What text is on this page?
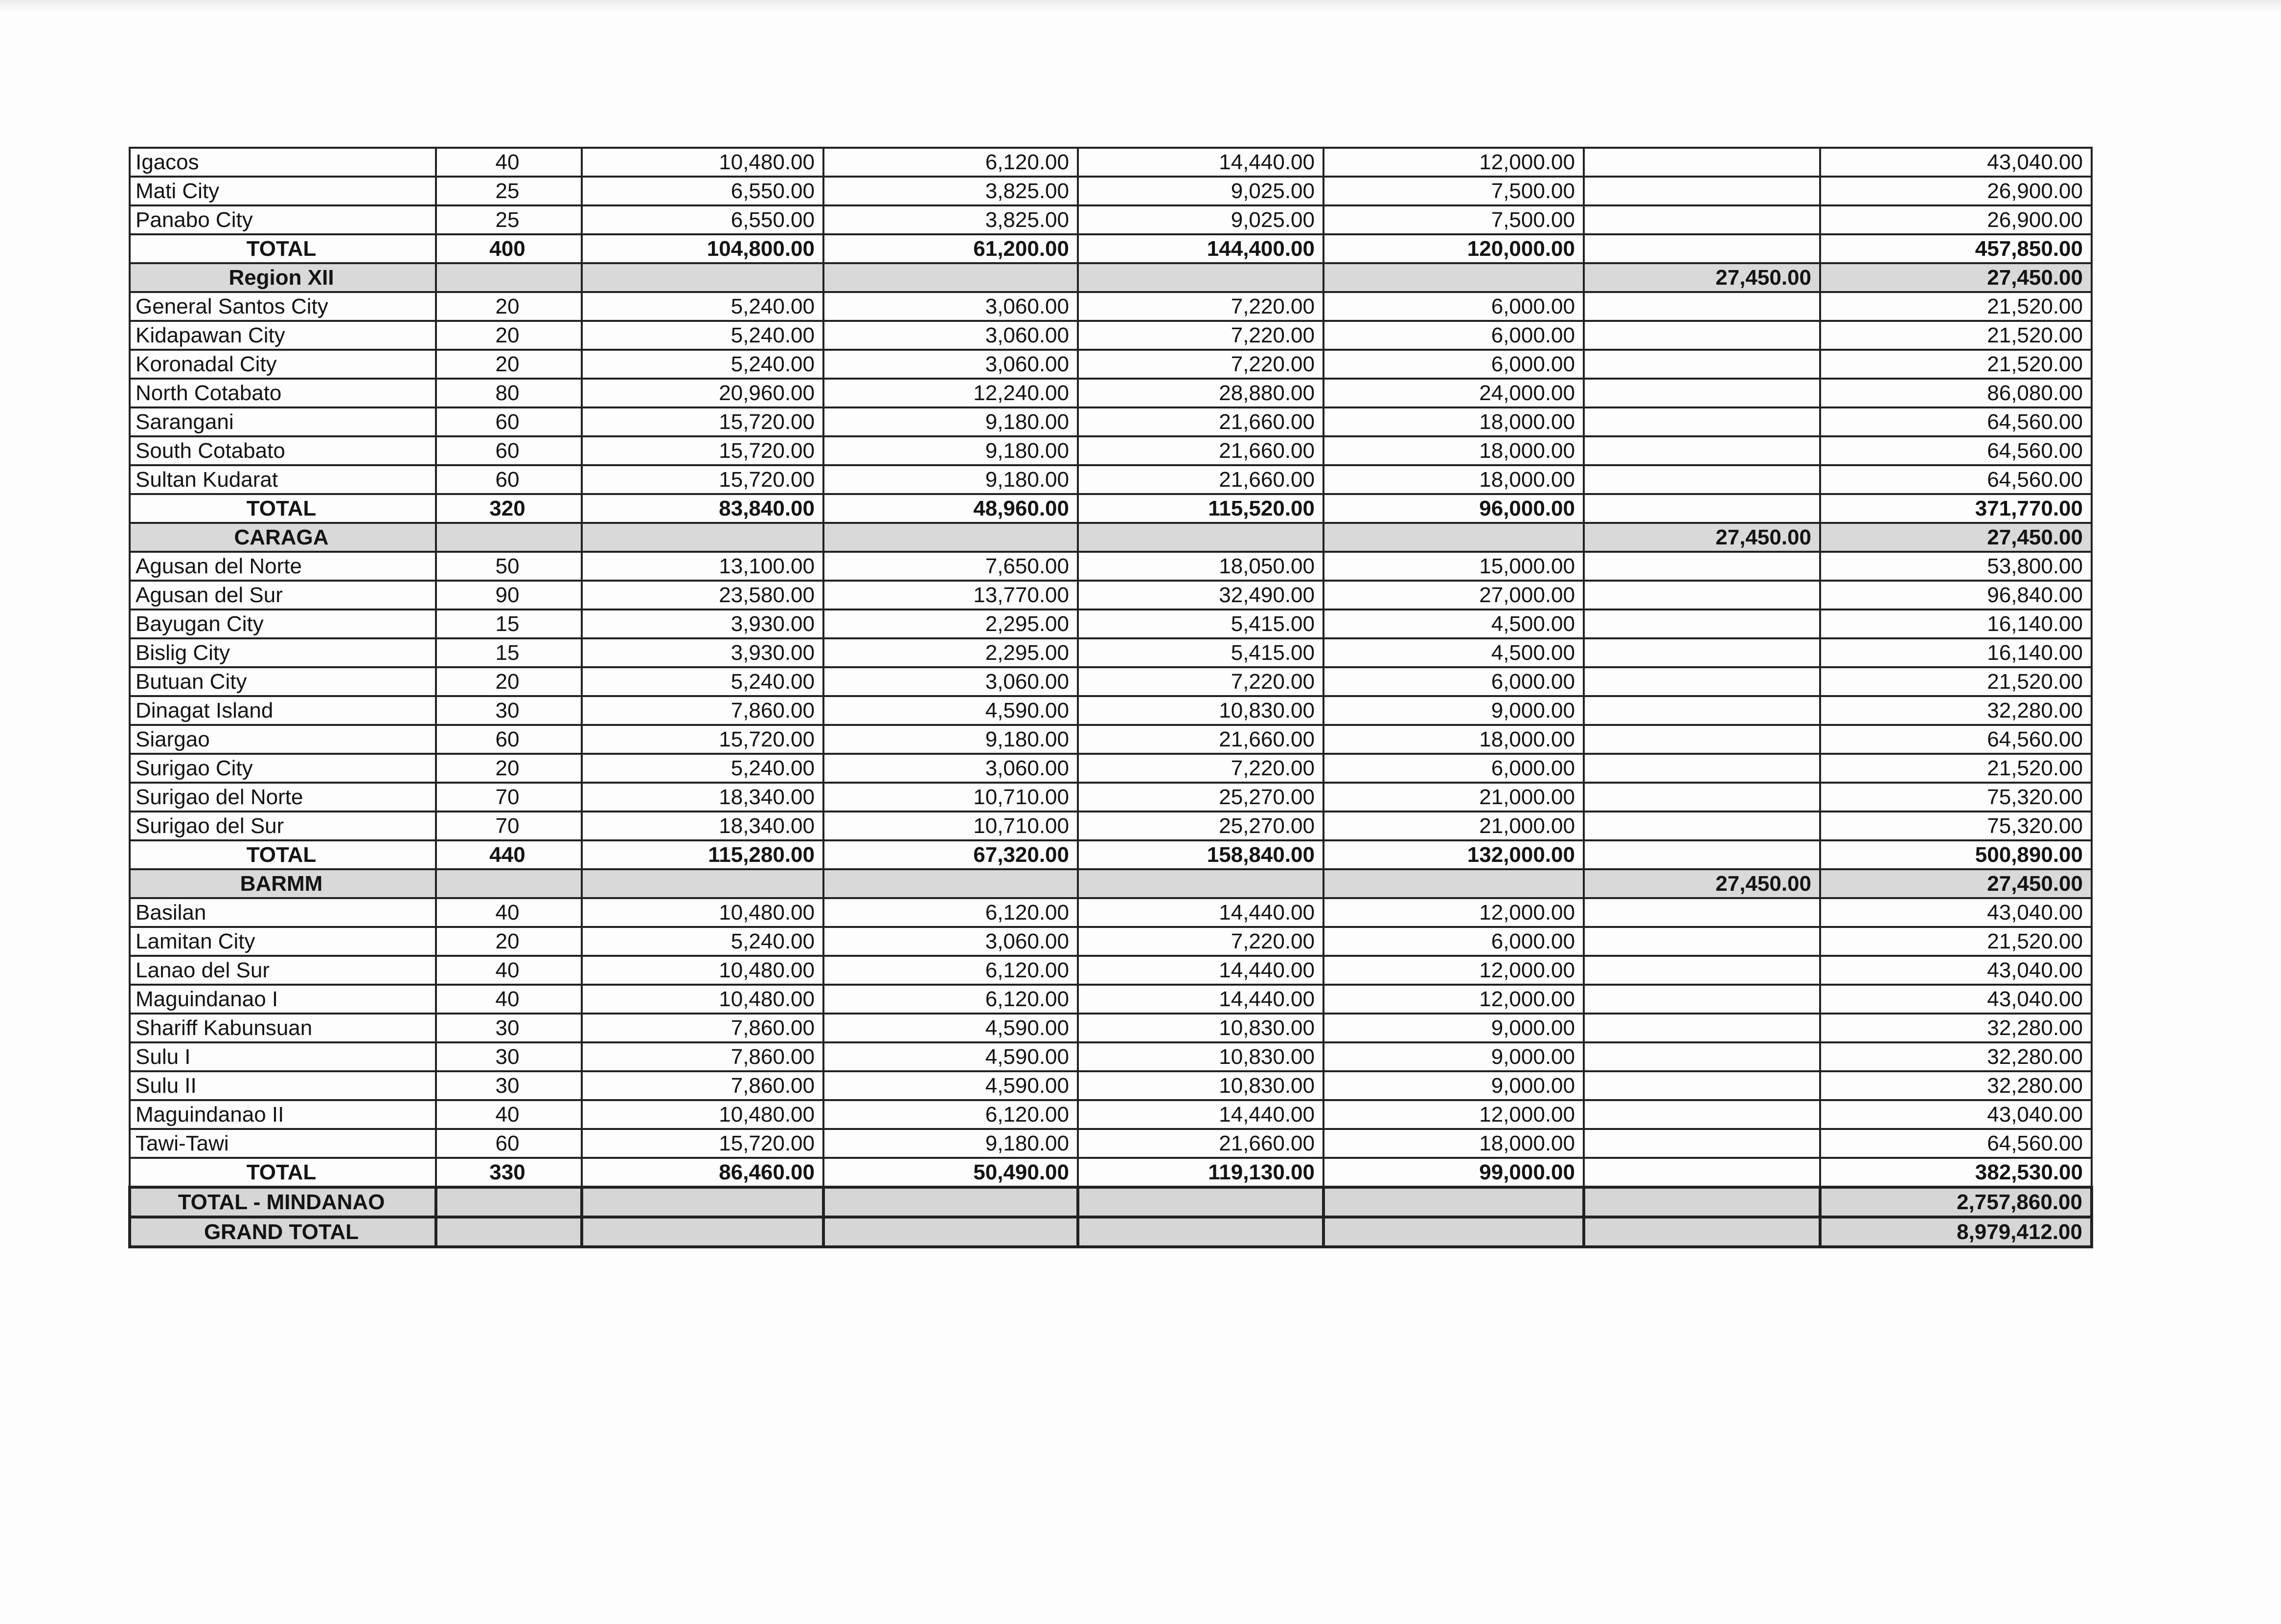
Igacos	40	10,480.00	6,120.00	14,440.00	12,000.00		43,040.00
Mati City	25	6,550.00	3,825.00	9,025.00	7,500.00		26,900.00
Panabo City	25	6,550.00	3,825.00	9,025.00	7,500.00		26,900.00
TOTAL	400	104,800.00	61,200.00	144,400.00	120,000.00		457,850.00
Region XII						27,450.00	27,450.00
General Santos City	20	5,240.00	3,060.00	7,220.00	6,000.00		21,520.00
Kidapawan City	20	5,240.00	3,060.00	7,220.00	6,000.00		21,520.00
Koronadal City	20	5,240.00	3,060.00	7,220.00	6,000.00		21,520.00
North Cotabato	80	20,960.00	12,240.00	28,880.00	24,000.00		86,080.00
Sarangani	60	15,720.00	9,180.00	21,660.00	18,000.00		64,560.00
South Cotabato	60	15,720.00	9,180.00	21,660.00	18,000.00		64,560.00
Sultan Kudarat	60	15,720.00	9,180.00	21,660.00	18,000.00		64,560.00
TOTAL	320	83,840.00	48,960.00	115,520.00	96,000.00		371,770.00
CARAGA						27,450.00	27,450.00
Agusan del Norte	50	13,100.00	7,650.00	18,050.00	15,000.00		53,800.00
Agusan del Sur	90	23,580.00	13,770.00	32,490.00	27,000.00		96,840.00
Bayugan City	15	3,930.00	2,295.00	5,415.00	4,500.00		16,140.00
Bislig City	15	3,930.00	2,295.00	5,415.00	4,500.00		16,140.00
Butuan City	20	5,240.00	3,060.00	7,220.00	6,000.00		21,520.00
Dinagat Island	30	7,860.00	4,590.00	10,830.00	9,000.00		32,280.00
Siargao	60	15,720.00	9,180.00	21,660.00	18,000.00		64,560.00
Surigao City	20	5,240.00	3,060.00	7,220.00	6,000.00		21,520.00
Surigao del Norte	70	18,340.00	10,710.00	25,270.00	21,000.00		75,320.00
Surigao del Sur	70	18,340.00	10,710.00	25,270.00	21,000.00		75,320.00
TOTAL	440	115,280.00	67,320.00	158,840.00	132,000.00		500,890.00
BARMM						27,450.00	27,450.00
Basilan	40	10,480.00	6,120.00	14,440.00	12,000.00		43,040.00
Lamitan City	20	5,240.00	3,060.00	7,220.00	6,000.00		21,520.00
Lanao del Sur	40	10,480.00	6,120.00	14,440.00	12,000.00		43,040.00
Maguindanao I	40	10,480.00	6,120.00	14,440.00	12,000.00		43,040.00
Shariff Kabunsuan	30	7,860.00	4,590.00	10,830.00	9,000.00		32,280.00
Sulu I	30	7,860.00	4,590.00	10,830.00	9,000.00		32,280.00
Sulu II	30	7,860.00	4,590.00	10,830.00	9,000.00		32,280.00
Maguindanao II	40	10,480.00	6,120.00	14,440.00	12,000.00		43,040.00
Tawi-Tawi	60	15,720.00	9,180.00	21,660.00	18,000.00		64,560.00
TOTAL	330	86,460.00	50,490.00	119,130.00	99,000.00		382,530.00
TOTAL - MINDANAO							2,757,860.00
GRAND TOTAL							8,979,412.00
